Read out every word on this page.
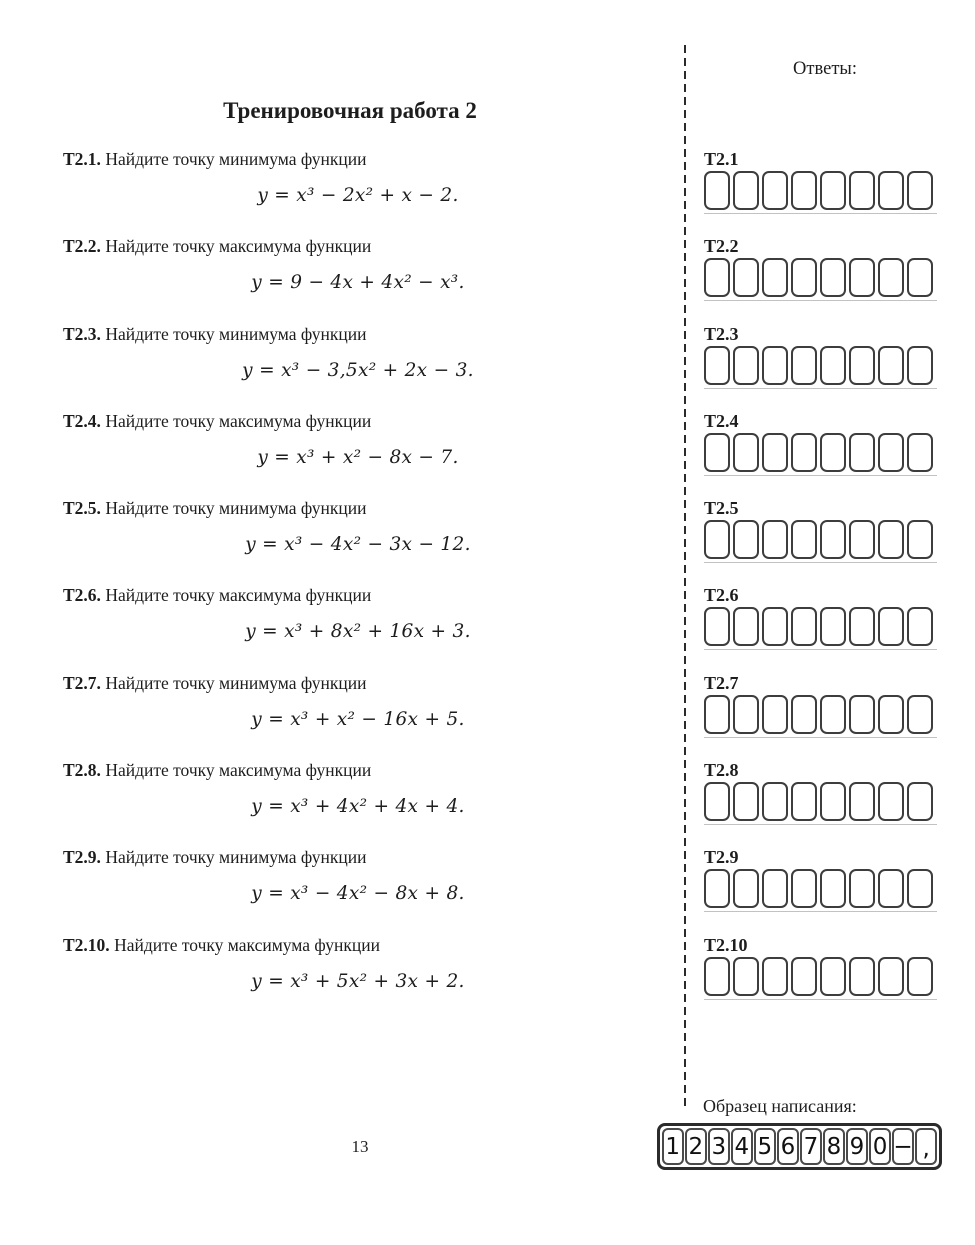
Тренировочная работа 2

Т2.1. Найдите точку минимума функции

y = x³ − 2x² + x − 2.

Т2.2. Найдите точку максимума функции

y = 9 − 4x + 4x² − x³.

Т2.3. Найдите точку минимума функции

y = x³ − 3,5x² + 2x − 3.

Т2.4. Найдите точку максимума функции

y = x³ + x² − 8x − 7.

Т2.5. Найдите точку минимума функции

y = x³ − 4x² − 3x − 12.

Т2.6. Найдите точку максимума функции

y = x³ + 8x² + 16x + 3.

Т2.7. Найдите точку минимума функции

y = x³ + x² − 16x + 5.

Т2.8. Найдите точку максимума функции

y = x³ + 4x² + 4x + 4.

Т2.9. Найдите точку минимума функции

y = x³ − 4x² − 8x + 8.

Т2.10. Найдите точку максимума функции

y = x³ + 5x² + 3x + 2.
Ответы:
Т2.1
Т2.2
Т2.3
Т2.4
Т2.5
Т2.6
Т2.7
Т2.8
Т2.9
Т2.10

Образец написания:

1 2 3 4 5 6 7 8 9 0 − ,
13
